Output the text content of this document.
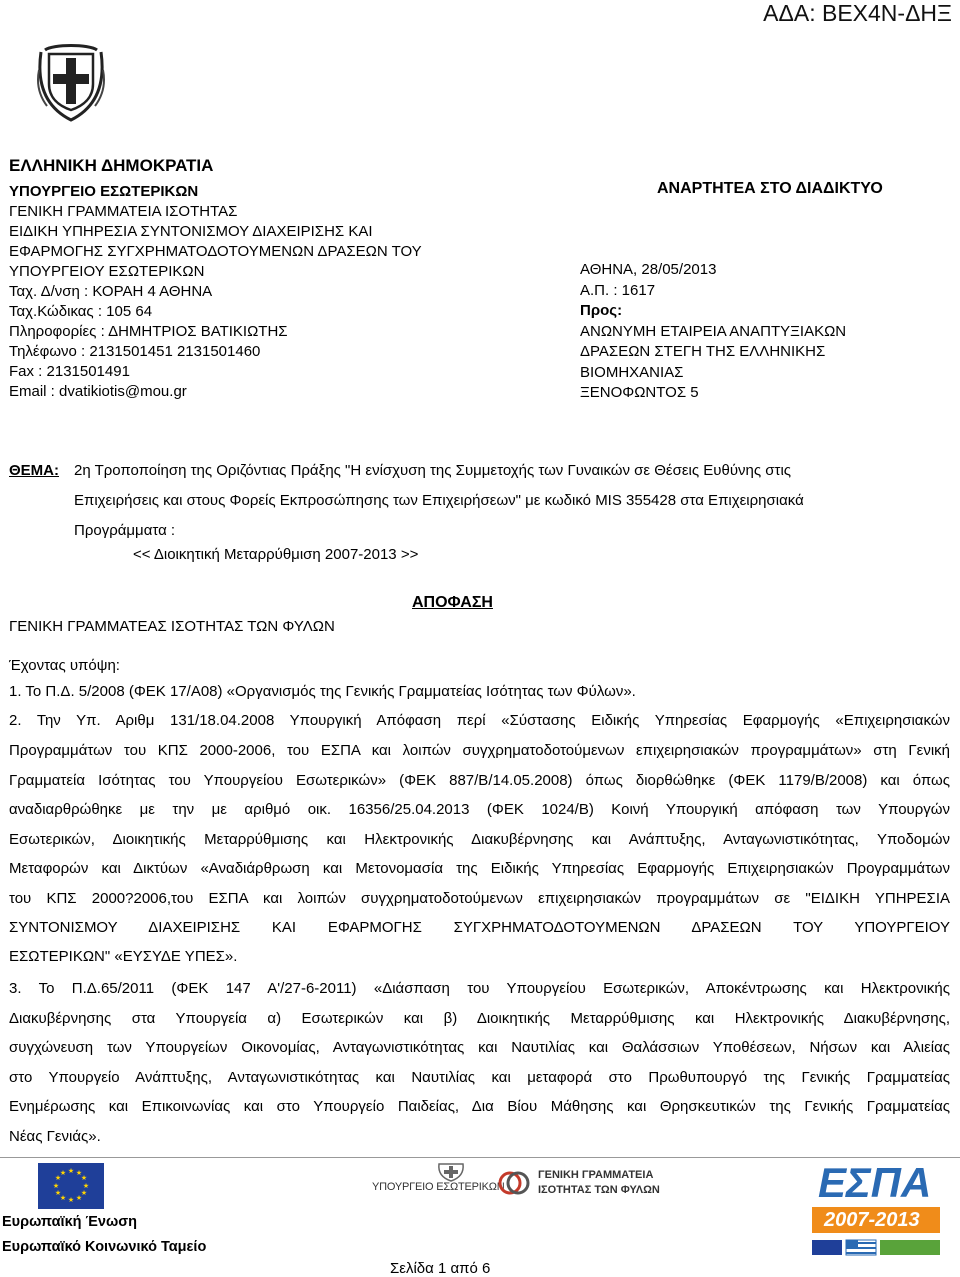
ΑΔΑ: ΒΕΧ4Ν-ΔΗΞ
ΕΛΛΗΝΙΚΗ ΔΗΜΟΚΡΑΤΙΑ
ΥΠΟΥΡΓΕΙΟ ΕΣΩΤΕΡΙΚΩΝ
ΓΕΝΙΚΗ ΓΡΑΜΜΑΤΕΙΑ ΙΣΟΤΗΤΑΣ
ΕΙΔΙΚΗ ΥΠΗΡΕΣΙΑ ΣΥΝΤΟΝΙΣΜΟΥ ΔΙΑΧΕΙΡΙΣΗΣ ΚΑΙ
ΕΦΑΡΜΟΓΗΣ ΣΥΓΧΡΗΜΑΤΟΔΟΤΟΥΜΕΝΩΝ ΔΡΑΣΕΩΝ ΤΟΥ
ΥΠΟΥΡΓΕΙΟΥ ΕΣΩΤΕΡΙΚΩΝ
Ταχ. Δ/νση : ΚΟΡΑΗ 4 ΑΘΗΝΑ
Ταχ.Κώδικας : 105 64
Πληροφορίες : ΔΗΜΗΤΡΙΟΣ ΒΑΤΙΚΙΩΤΗΣ
Τηλέφωνο : 2131501451 2131501460
Fax : 2131501491
Email : dvatikiotis@mou.gr
ΑΝΑΡΤΗΤΕΑ ΣΤΟ ΔΙΑΔΙΚΤΥΟ
ΑΘΗΝΑ, 28/05/2013
Α.Π. : 1617
Προς:
ΑΝΩΝΥΜΗ ΕΤΑΙΡΕΙΑ ΑΝΑΠΤΥΞΙΑΚΩΝ
ΔΡΑΣΕΩΝ ΣΤΕΓΗ ΤΗΣ ΕΛΛΗΝΙΚΗΣ
ΒΙΟΜΗΧΑΝΙΑΣ
ΞΕΝΟΦΩΝΤΟΣ 5
ΘΕΜΑ: 2η Τροποποίηση της Οριζόντιας Πράξης "Η ενίσχυση της Συμμετοχής των Γυναικών σε Θέσεις Ευθύνης στις
Επιχειρήσεις και στους Φορείς Εκπροσώπησης των Επιχειρήσεων" με κωδικό MIS 355428 στα Επιχειρησιακά
Προγράμματα :
<< Διοικητική Μεταρρύθμιση 2007-2013 >>
ΑΠΟΦΑΣΗ
ΓΕΝΙΚΗ ΓΡΑΜΜΑΤΕΑΣ ΙΣΟΤΗΤΑΣ ΤΩΝ ΦΥΛΩΝ
Έχοντας υπόψη:
1. Το Π.Δ. 5/2008 (ΦΕΚ 17/Α08) «Οργανισμός της Γενικής Γραμματείας Ισότητας των Φύλων».
2. Την Υπ. Αριθμ 131/18.04.2008 Υπουργική Απόφαση περί «Σύστασης Ειδικής Υπηρεσίας Εφαρμογής «Επιχειρησιακών
Προγραμμάτων του ΚΠΣ 2000-2006, του ΕΣΠΑ και λοιπών συγχρηματοδοτούμενων επιχειρησιακών προγραμμάτων» στη Γενική
Γραμματεία Ισότητας του Υπουργείου Εσωτερικών» (ΦΕΚ 887/Β/14.05.2008) όπως διορθώθηκε (ΦΕΚ 1179/Β/2008) και όπως
αναδιαρθρώθηκε με την με αριθμό οικ. 16356/25.04.2013 (ΦΕΚ 1024/Β) Κοινή Υπουργική απόφαση των Υπουργών
Εσωτερικών, Διοικητικής Μεταρρύθμισης και Ηλεκτρονικής Διακυβέρνησης και Ανάπτυξης, Ανταγωνιστικότητας, Υποδομών
Μεταφορών και Δικτύων «Αναδιάρθρωση και Μετονομασία της Ειδικής Υπηρεσίας Εφαρμογής Επιχειρησιακών Προγραμμάτων
του ΚΠΣ 2000?2006,του ΕΣΠΑ και λοιπών συγχρηματοδοτούμενων επιχειρησιακών προγραμμάτων σε "ΕΙΔΙΚΗ ΥΠΗΡΕΣΙΑ
ΣΥΝΤΟΝΙΣΜΟΥ ΔΙΑΧΕΙΡΙΣΗΣ ΚΑΙ ΕΦΑΡΜΟΓΗΣ ΣΥΓΧΡΗΜΑΤΟΔΟΤΟΥΜΕΝΩΝ ΔΡΑΣΕΩΝ ΤΟΥ ΥΠΟΥΡΓΕΙΟΥ
ΕΣΩΤΕΡΙΚΩΝ" «ΕΥΣΥΔΕ ΥΠΕΣ».
3. Το Π.Δ.65/2011 (ΦΕΚ 147 Α'/27-6-2011) «Διάσπαση του Υπουργείου Εσωτερικών, Αποκέντρωσης και Ηλεκτρονικής
Διακυβέρνησης στα Υπουργεία α) Εσωτερικών και β) Διοικητικής Μεταρρύθμισης και Ηλεκτρονικής Διακυβέρνησης,
συγχώνευση των Υπουργείων Οικονομίας, Ανταγωνιστικότητας και Ναυτιλίας και Θαλάσσιων Υποθέσεων, Νήσων και Αλιείας
στο Υπουργείο Ανάπτυξης, Ανταγωνιστικότητας και Ναυτιλίας και μεταφορά στο Πρωθυπουργό της Γενικής Γραμματείας
Ενημέρωσης και Επικοινωνίας και στο Υπουργείο Παιδείας, Δια Βίου Μάθησης και Θρησκευτικών της Γενικής Γραμματείας
Νέας Γενιάς».
★ ★
★
★
★
★
★
★
★
★
★
★
Ευρωπαϊκή Ένωση
Ευρωπαϊκό Κοινωνικό Ταμείο
ΥΠΟΥΡΓΕΙΟ ΕΣΩΤΕΡΙΚΩΝ
ΓΕΝΙΚΗ ΓΡΑΜΜΑΤΕΙΑ
ΙΣΟΤΗΤΑΣ ΤΩΝ ΦΥΛΩΝ	ΕΣΠΑ
2007-2013
Σελίδα 1 από 6
